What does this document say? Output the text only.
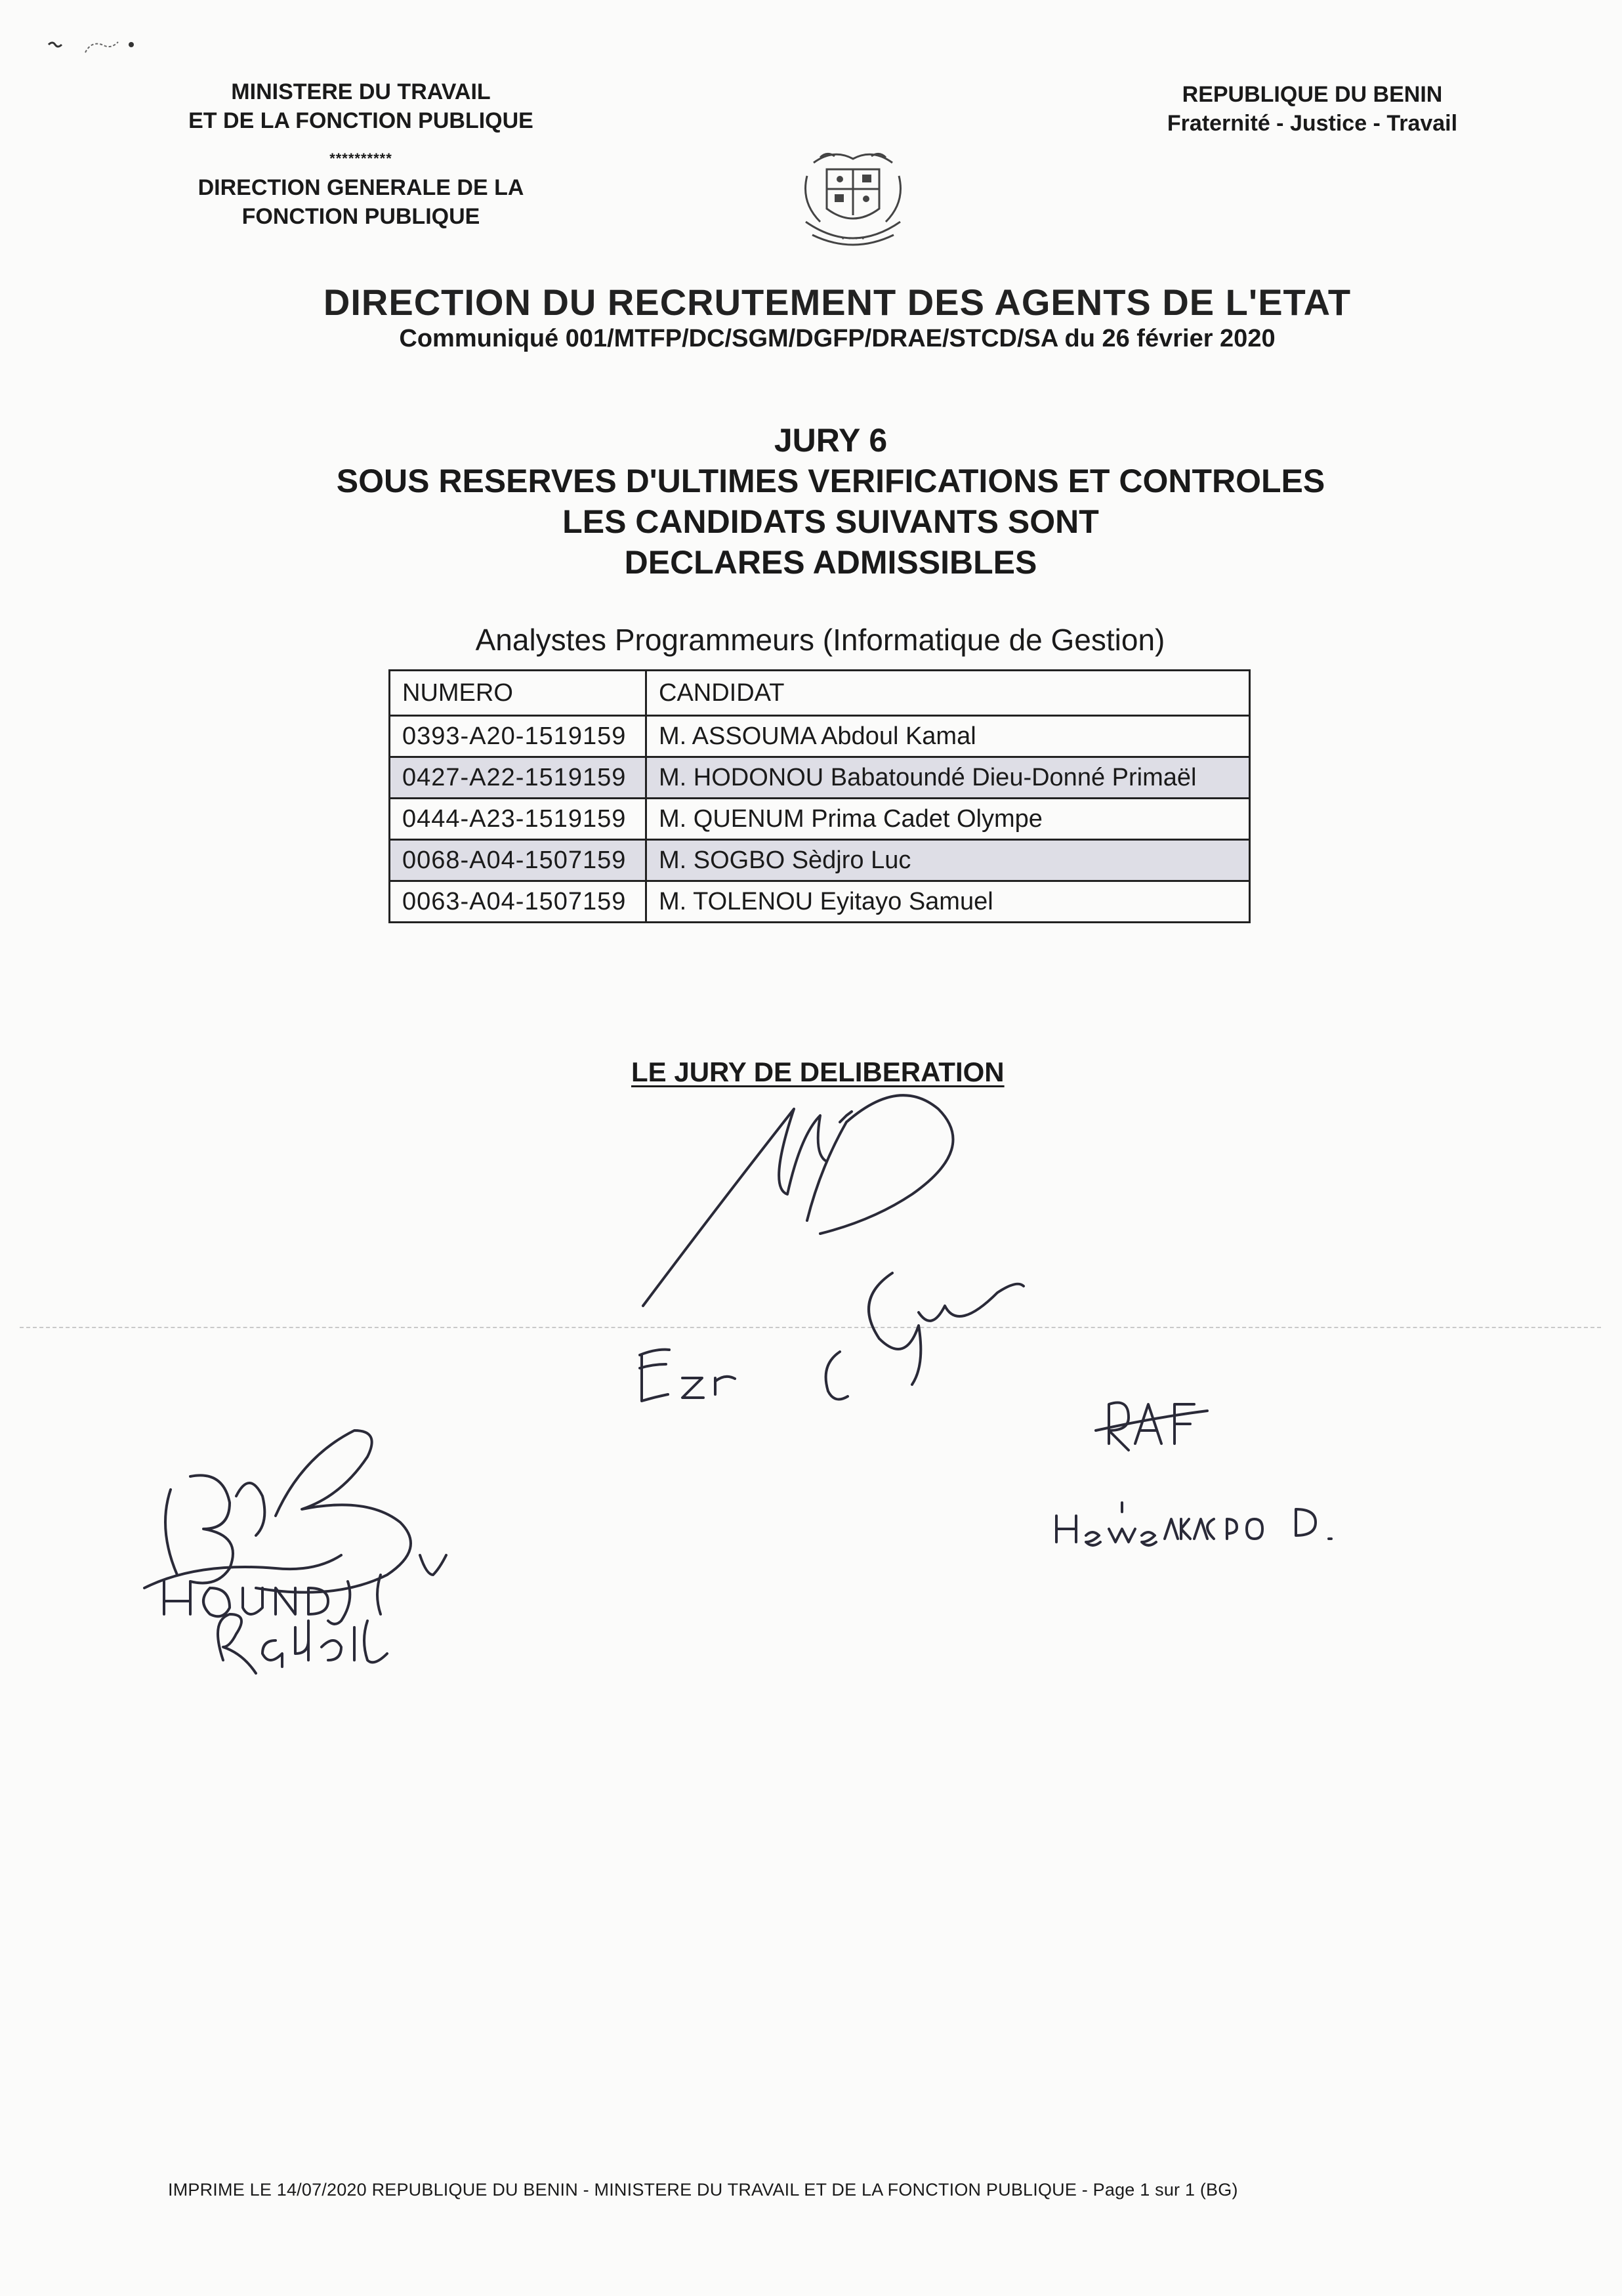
MINISTERE DU TRAVAIL
ET DE LA FONCTION PUBLIQUE
**********
DIRECTION GENERALE DE LA
FONCTION PUBLIQUE
REPUBLIQUE DU BENIN
Fraternité - Justice - Travail
· · · ·
DIRECTION DU RECRUTEMENT DES AGENTS DE L'ETAT
Communiqué 001/MTFP/DC/SGM/DGFP/DRAE/STCD/SA du 26 février 2020
JURY 6
SOUS RESERVES D'ULTIMES VERIFICATIONS ET CONTROLES
LES CANDIDATS SUIVANTS SONT
DECLARES ADMISSIBLES
Analystes Programmeurs (Informatique de Gestion)
NUMERO	CANDIDAT
0393-A20-1519159	M. ASSOUMA Abdoul Kamal
0427-A22-1519159	M. HODONOU Babatoundé Dieu-Donné Primaël
0444-A23-1519159	M. QUENUM Prima Cadet Olympe
0068-A04-1507159	M. SOGBO Sèdjro Luc
0063-A04-1507159	M. TOLENOU Eyitayo Samuel
LE JURY DE DELIBERATION
IMPRIME LE 14/07/2020 REPUBLIQUE DU BENIN - MINISTERE DU TRAVAIL ET DE LA FONCTION PUBLIQUE - Page 1 sur 1 (BG)
